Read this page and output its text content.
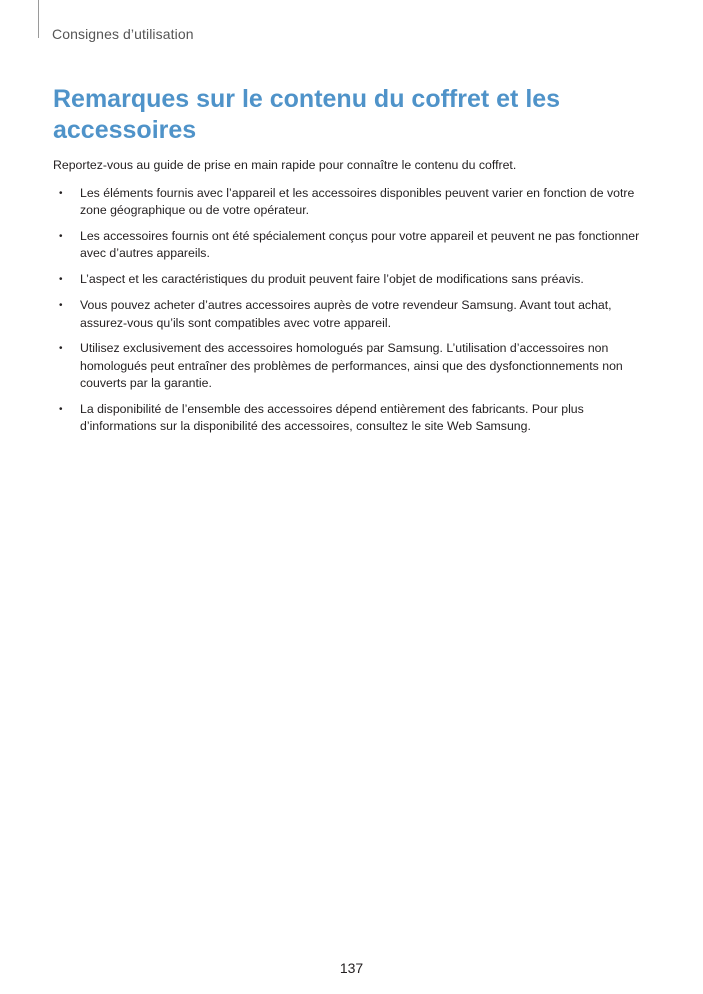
Consignes d’utilisation
Remarques sur le contenu du coffret et les accessoires

Reportez-vous au guide de prise en main rapide pour connaître le contenu du coffret.

• Les éléments fournis avec l’appareil et les accessoires disponibles peuvent varier en fonction de votre zone géographique ou de votre opérateur.
• Les accessoires fournis ont été spécialement conçus pour votre appareil et peuvent ne pas fonctionner avec d’autres appareils.
• L’aspect et les caractéristiques du produit peuvent faire l’objet de modifications sans préavis.
• Vous pouvez acheter d’autres accessoires auprès de votre revendeur Samsung. Avant tout achat, assurez-vous qu’ils sont compatibles avec votre appareil.
• Utilisez exclusivement des accessoires homologués par Samsung. L’utilisation d’accessoires non homologués peut entraîner des problèmes de performances, ainsi que des dysfonctionnements non couverts par la garantie.
• La disponibilité de l’ensemble des accessoires dépend entièrement des fabricants. Pour plus d’informations sur la disponibilité des accessoires, consultez le site Web Samsung.
137
